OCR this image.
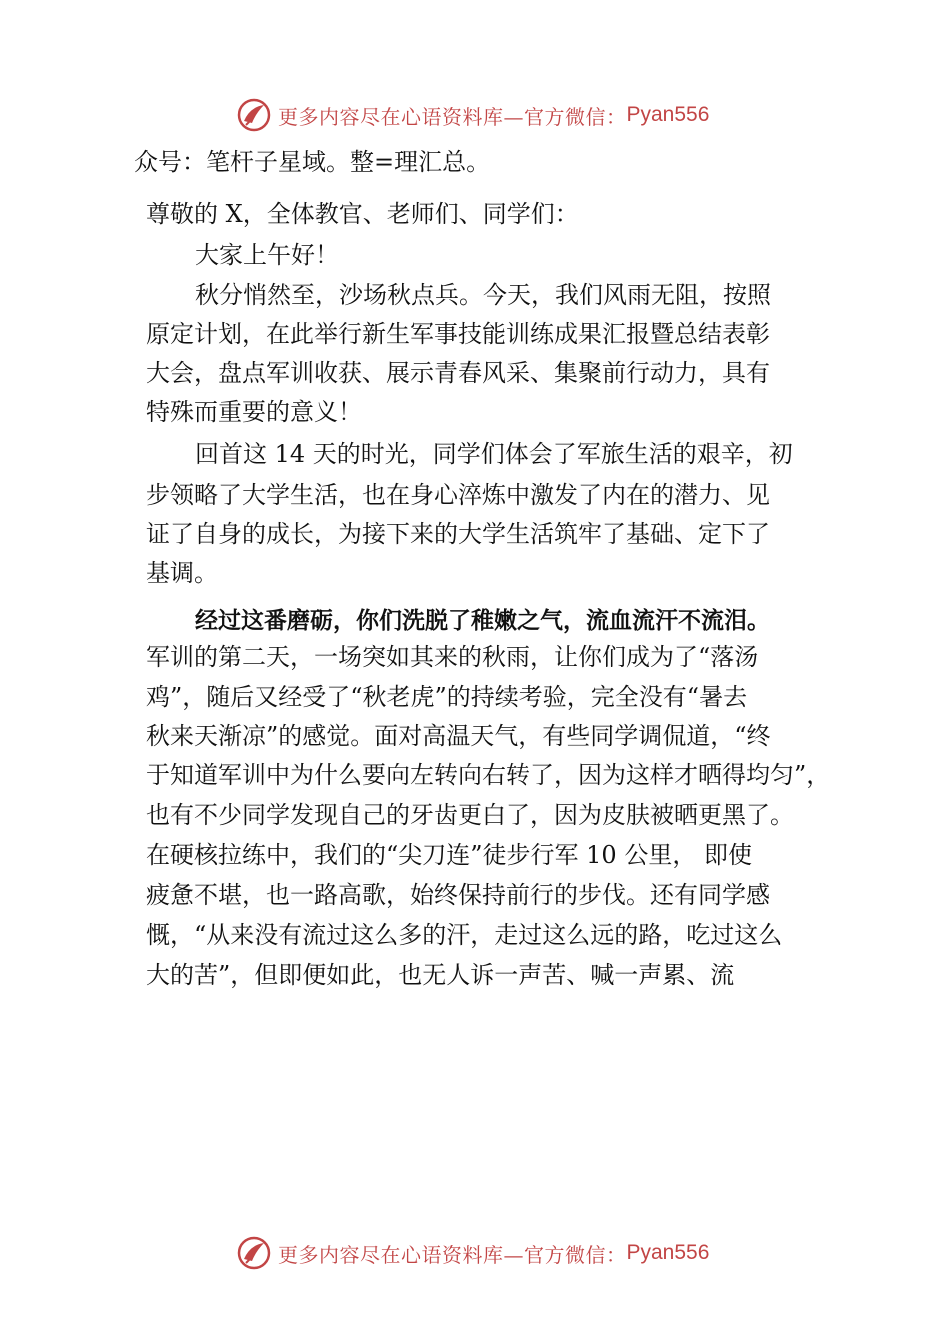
更多内容尽在心语资料库—官方微信： Pyan556
众号：笔杆子星域。整=理汇总。
尊敬的 X，全体教官、老师们、同学们：
大家上午好！
秋分悄然至，沙场秋点兵。今天，我们风雨无阻，按照
原定计划，在此举行新生军事技能训练成果汇报暨总结表彰
大会，盘点军训收获、展示青春风采、集聚前行动力，具有
特殊而重要的意义！
回首这 14 天的时光，同学们体会了军旅生活的艰辛，初
步领略了大学生活，也在身心淬炼中激发了内在的潜力、见
证了自身的成长，为接下来的大学生活筑牢了基础、定下了
基调。
经过这番磨砺，你们洗脱了稚嫩之气，流血流汗不流泪。
军训的第二天，一场突如其来的秋雨，让你们成为了“落汤
鸡”，随后又经受了“秋老虎”的持续考验，完全没有“暑去
秋来天渐凉”的感觉。面对高温天气，有些同学调侃道，“终
于知道军训中为什么要向左转向右转了，因为这样才晒得均匀”，
也有不少同学发现自己的牙齿更白了，因为皮肤被晒更黑了。
在硬核拉练中，我们的“尖刀连”徒步行军 10 公里， 即使
疲惫不堪，也一路高歌，始终保持前行的步伐。还有同学感
慨，“从来没有流过这么多的汗，走过这么远的路，吃过这么
大的苦”，但即便如此，也无人诉一声苦、喊一声累、流
更多内容尽在心语资料库—官方微信： Pyan556
